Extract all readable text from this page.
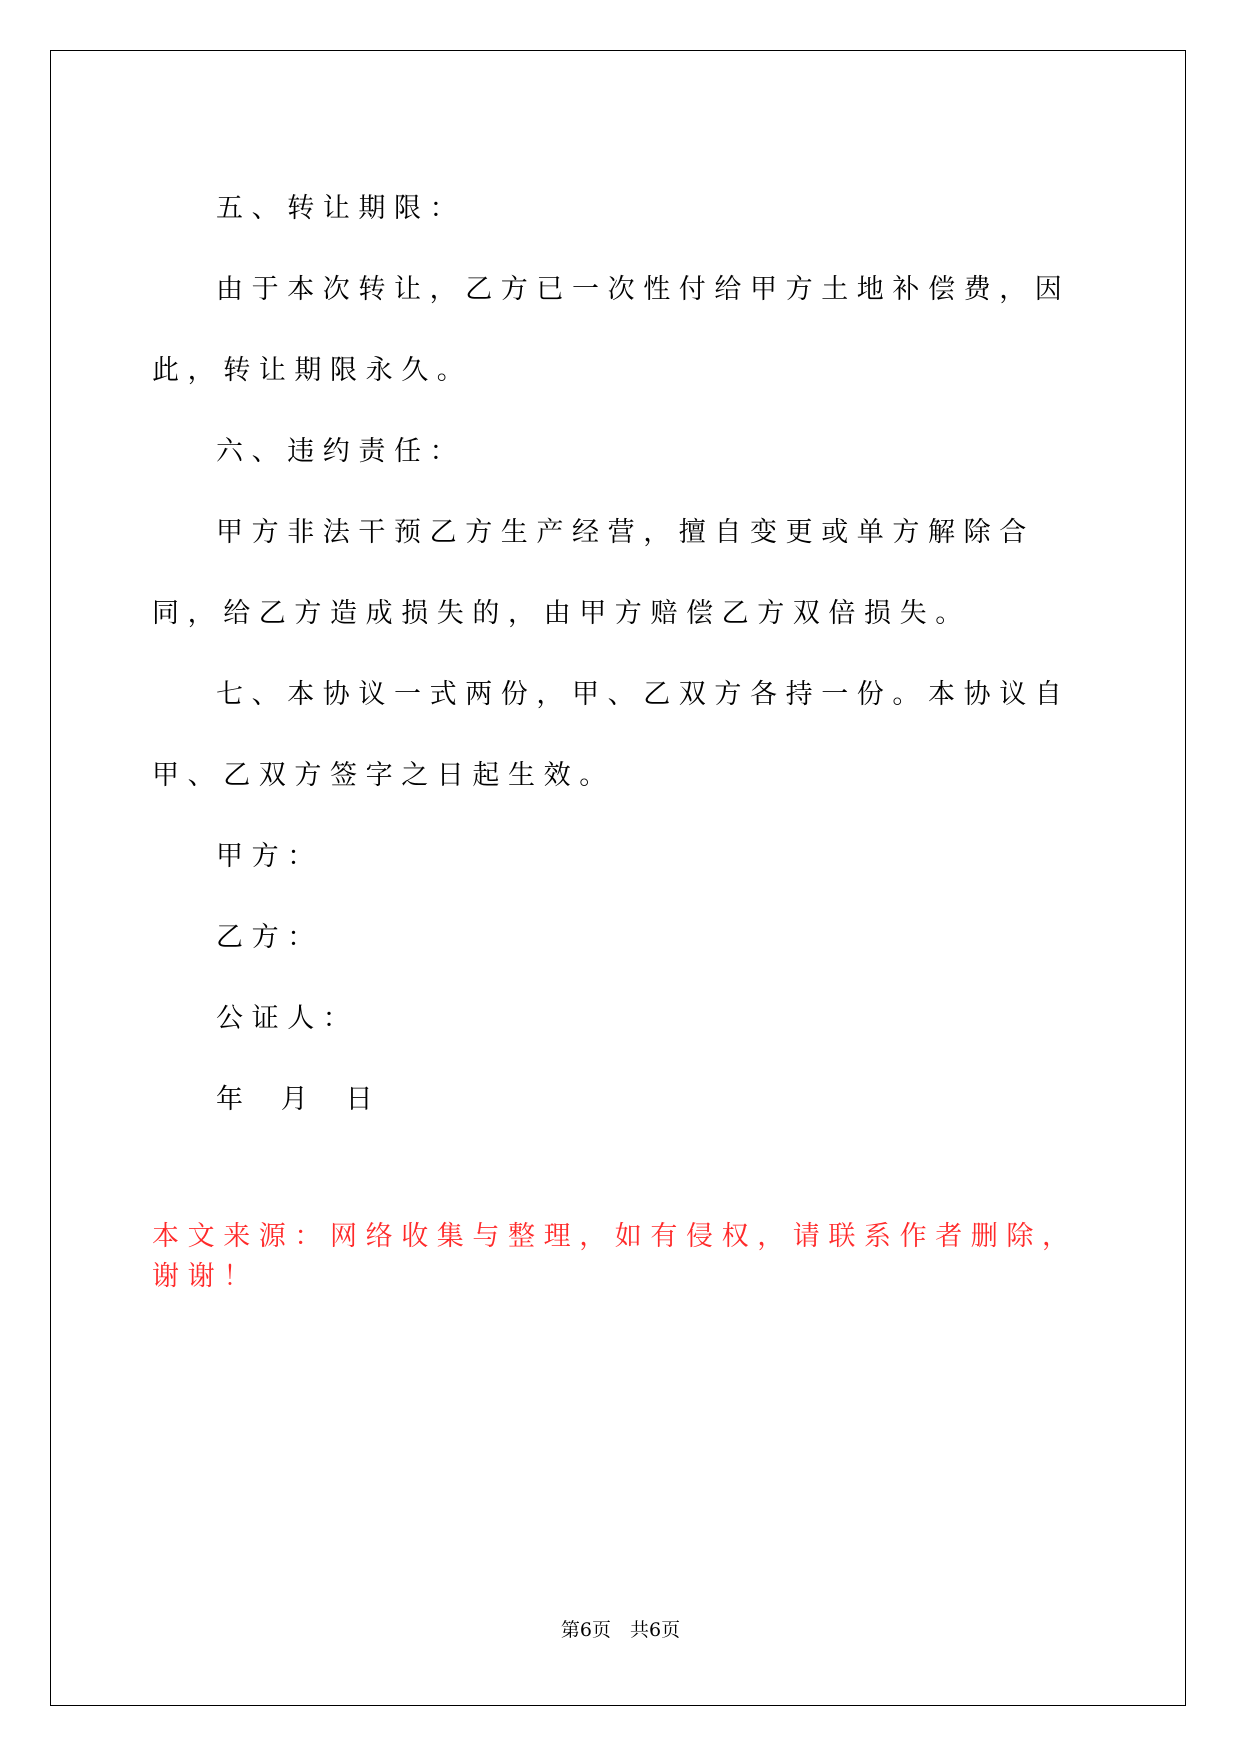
五、转让期限：

由于本次转让，乙方已一次性付给甲方土地补偿费，因此，转让期限永久。

六、违约责任：

甲方非法干预乙方生产经营，擅自变更或单方解除合同，给乙方造成损失的，由甲方赔偿乙方双倍损失。

七、本协议一式两份，甲、乙双方各持一份。本协议自甲、乙双方签字之日起生效。

甲方：

乙方：

公证人：

年 月 日

本文来源：网络收集与整理，如有侵权，请联系作者删除，谢谢！

第6页　共6页
